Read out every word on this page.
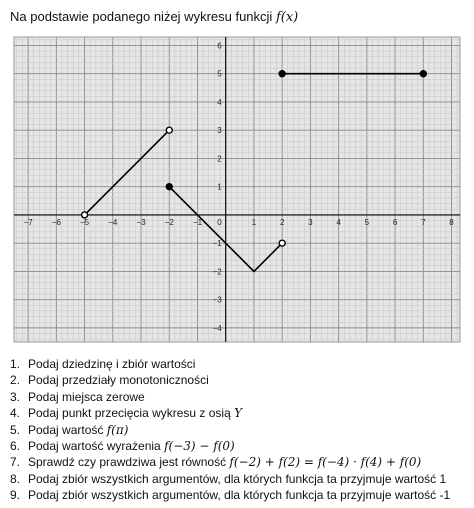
Na podstawie podanego niżej wykresu funkcji f(x)
−7 −6 −5 −4 −3 −2 −1	1	2	3	4	5	6	7	8
−4
−3
−2
−1
1
2
3
4
5
6
0
1. Podaj dziedzinę i zbiór wartości
2. Podaj przedziały monotoniczności
3. Podaj miejsca zerowe
4. Podaj punkt przecięcia wykresu z osią Y
5. Podaj wartość f(π)
6. Podaj wartość wyrażenia f(−3) − f(0)
7. Sprawdź czy prawdziwa jest równość f(−2) + f(2) = f(−4) · f(4) + f(0)
8. Podaj zbiór wszystkich argumentów, dla których funkcja ta przyjmuje wartość 1
9. Podaj zbiór wszystkich argumentów, dla których funkcja ta przyjmuje wartość -1
